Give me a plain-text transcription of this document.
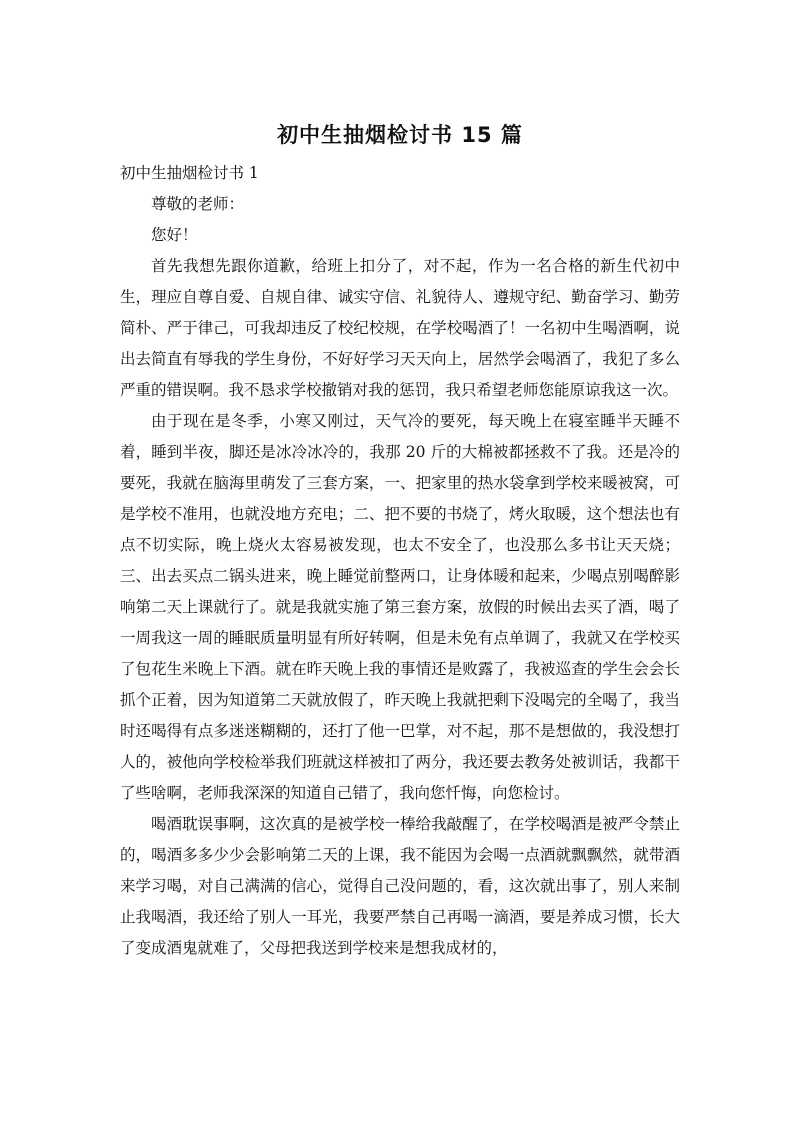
初中生抽烟检讨书 15 篇

初中生抽烟检讨书 1

尊敬的老师：

您好！

首先我想先跟你道歉，给班上扣分了，对不起，作为一名合格的新生代初中生，理应自尊自爱、自规自律、诚实守信、礼貌待人、遵规守纪、勤奋学习、勤劳简朴、严于律己，可我却违反了校纪校规，在学校喝酒了！一名初中生喝酒啊，说出去简直有辱我的学生身份，不好好学习天天向上，居然学会喝酒了，我犯了多么严重的错误啊。我不恳求学校撤销对我的惩罚，我只希望老师您能原谅我这一次。

由于现在是冬季，小寒又刚过，天气冷的要死，每天晚上在寝室睡半天睡不着，睡到半夜，脚还是冰冷冰冷的，我那 20 斤的大棉被都拯救不了我。还是冷的要死，我就在脑海里萌发了三套方案，一、把家里的热水袋拿到学校来暖被窝，可是学校不准用，也就没地方充电；二、把不要的书烧了，烤火取暖，这个想法也有点不切实际，晚上烧火太容易被发现，也太不安全了，也没那么多书让天天烧；三、出去买点二锅头进来，晚上睡觉前整两口，让身体暖和起来，少喝点别喝醉影响第二天上课就行了。就是我就实施了第三套方案，放假的时候出去买了酒，喝了一周我这一周的睡眠质量明显有所好转啊，但是未免有点单调了，我就又在学校买了包花生米晚上下酒。就在昨天晚上我的事情还是败露了，我被巡查的学生会会长抓个正着，因为知道第二天就放假了，昨天晚上我就把剩下没喝完的全喝了，我当时还喝得有点多迷迷糊糊的，还打了他一巴掌，对不起，那不是想做的，我没想打人的，被他向学校检举我们班就这样被扣了两分，我还要去教务处被训话，我都干了些啥啊，老师我深深的知道自己错了，我向您忏悔，向您检讨。

喝酒耽误事啊，这次真的是被学校一棒给我敲醒了，在学校喝酒是被严令禁止的，喝酒多多少少会影响第二天的上课，我不能因为会喝一点酒就飘飘然，就带酒来学习喝，对自己满满的信心，觉得自己没问题的，看，这次就出事了，别人来制止我喝酒，我还给了别人一耳光，我要严禁自己再喝一滴酒，要是养成习惯，长大了变成酒鬼就难了，父母把我送到学校来是想我成材的，
